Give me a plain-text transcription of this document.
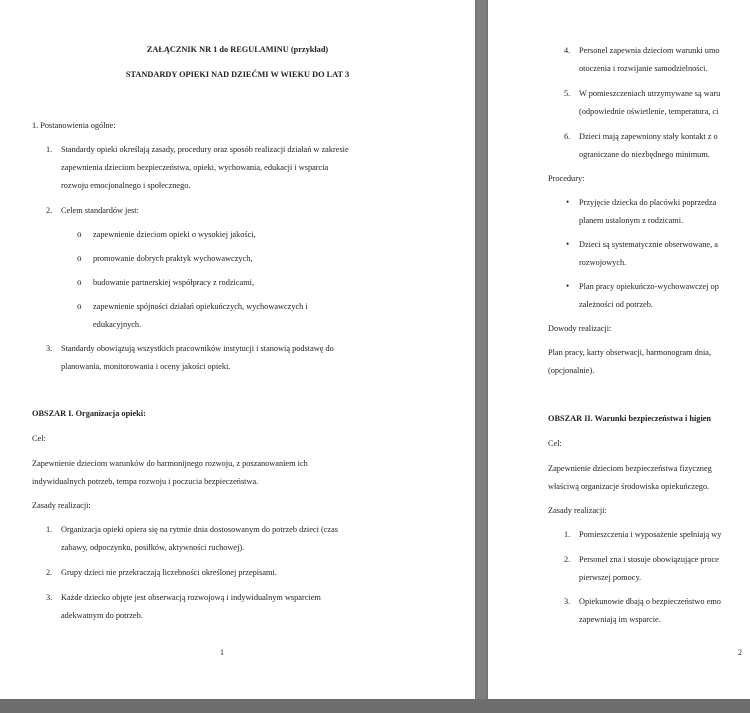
ZAŁĄCZNIK NR 1 do REGULAMINU (przykład)
STANDARDY OPIEKI NAD DZIEĆMI W WIEKU DO LAT 3
1. Postanowienia ogólne:
1. Standardy opieki określają zasady, procedury oraz sposób realizacji działań w zakresie
zapewnienia dzieciom bezpieczeństwa, opieki, wychowania, edukacji i wsparcia
rozwoju emocjonalnego i społecznego.
2. Celem standardów jest:
ο zapewnienie dzieciom opieki o wysokiej jakości,
ο promowanie dobrych praktyk wychowawczych,
ο budowanie partnerskiej współpracy z rodzicami,
ο zapewnienie spójności działań opiekuńczych, wychowawczych i
edukacyjnych.
3. Standardy obowiązują wszystkich pracowników instytucji i stanowią podstawę do
planowania, monitorowania i oceny jakości opieki.
OBSZAR I. Organizacja opieki:
Cel:
Zapewnienie dzieciom warunków do harmonijnego rozwoju, z poszanowaniem ich
indywidualnych potrzeb, tempa rozwoju i poczucia bezpieczeństwa.
Zasady realizacji:
1. Organizacja opieki opiera się na rytmie dnia dostosowanym do potrzeb dzieci (czas
zabawy, odpoczynku, posiłków, aktywności ruchowej).
2. Grupy dzieci nie przekraczają liczebności określonej przepisami.
3. Każde dziecko objęte jest obserwacją rozwojową i indywidualnym wsparciem
adekwatnym do potrzeb.
1
4. Personel zapewnia dzieciom warunki umo
otoczenia i rozwijanie samodzielności.
5. W pomieszczeniach utrzymywane są waru
(odpowiednie oświetlenie, temperatura, ci
6. Dzieci mają zapewniony stały kontakt z o
ograniczane do niezbędnego minimum.
Procedury:
• Przyjęcie dziecka do placówki poprzedza
planem ustalonym z rodzicami.
• Dzieci są systematycznie obserwowane, a
rozwojowych.
• Plan pracy opiekuńczo-wychowawczej op
zależności od potrzeb.
Dowody realizacji:
Plan pracy, karty obserwacji, harmonogram dnia,
(opcjonalnie).
OBSZAR II. Warunki bezpieczeństwa i higien
Cel:
Zapewnienie dzieciom bezpieczeństwa fizyczneg
właściwą organizacje środowiska opiekuńczego.
Zasady realizacji:
1. Pomieszczenia i wyposażenie spełniają wy
2. Personel zna i stosuje obowiązujące proce
pierwszej pomocy.
3. Opiekunowie dbają o bezpieczeństwo emo
zapewniają im wsparcie.
2
